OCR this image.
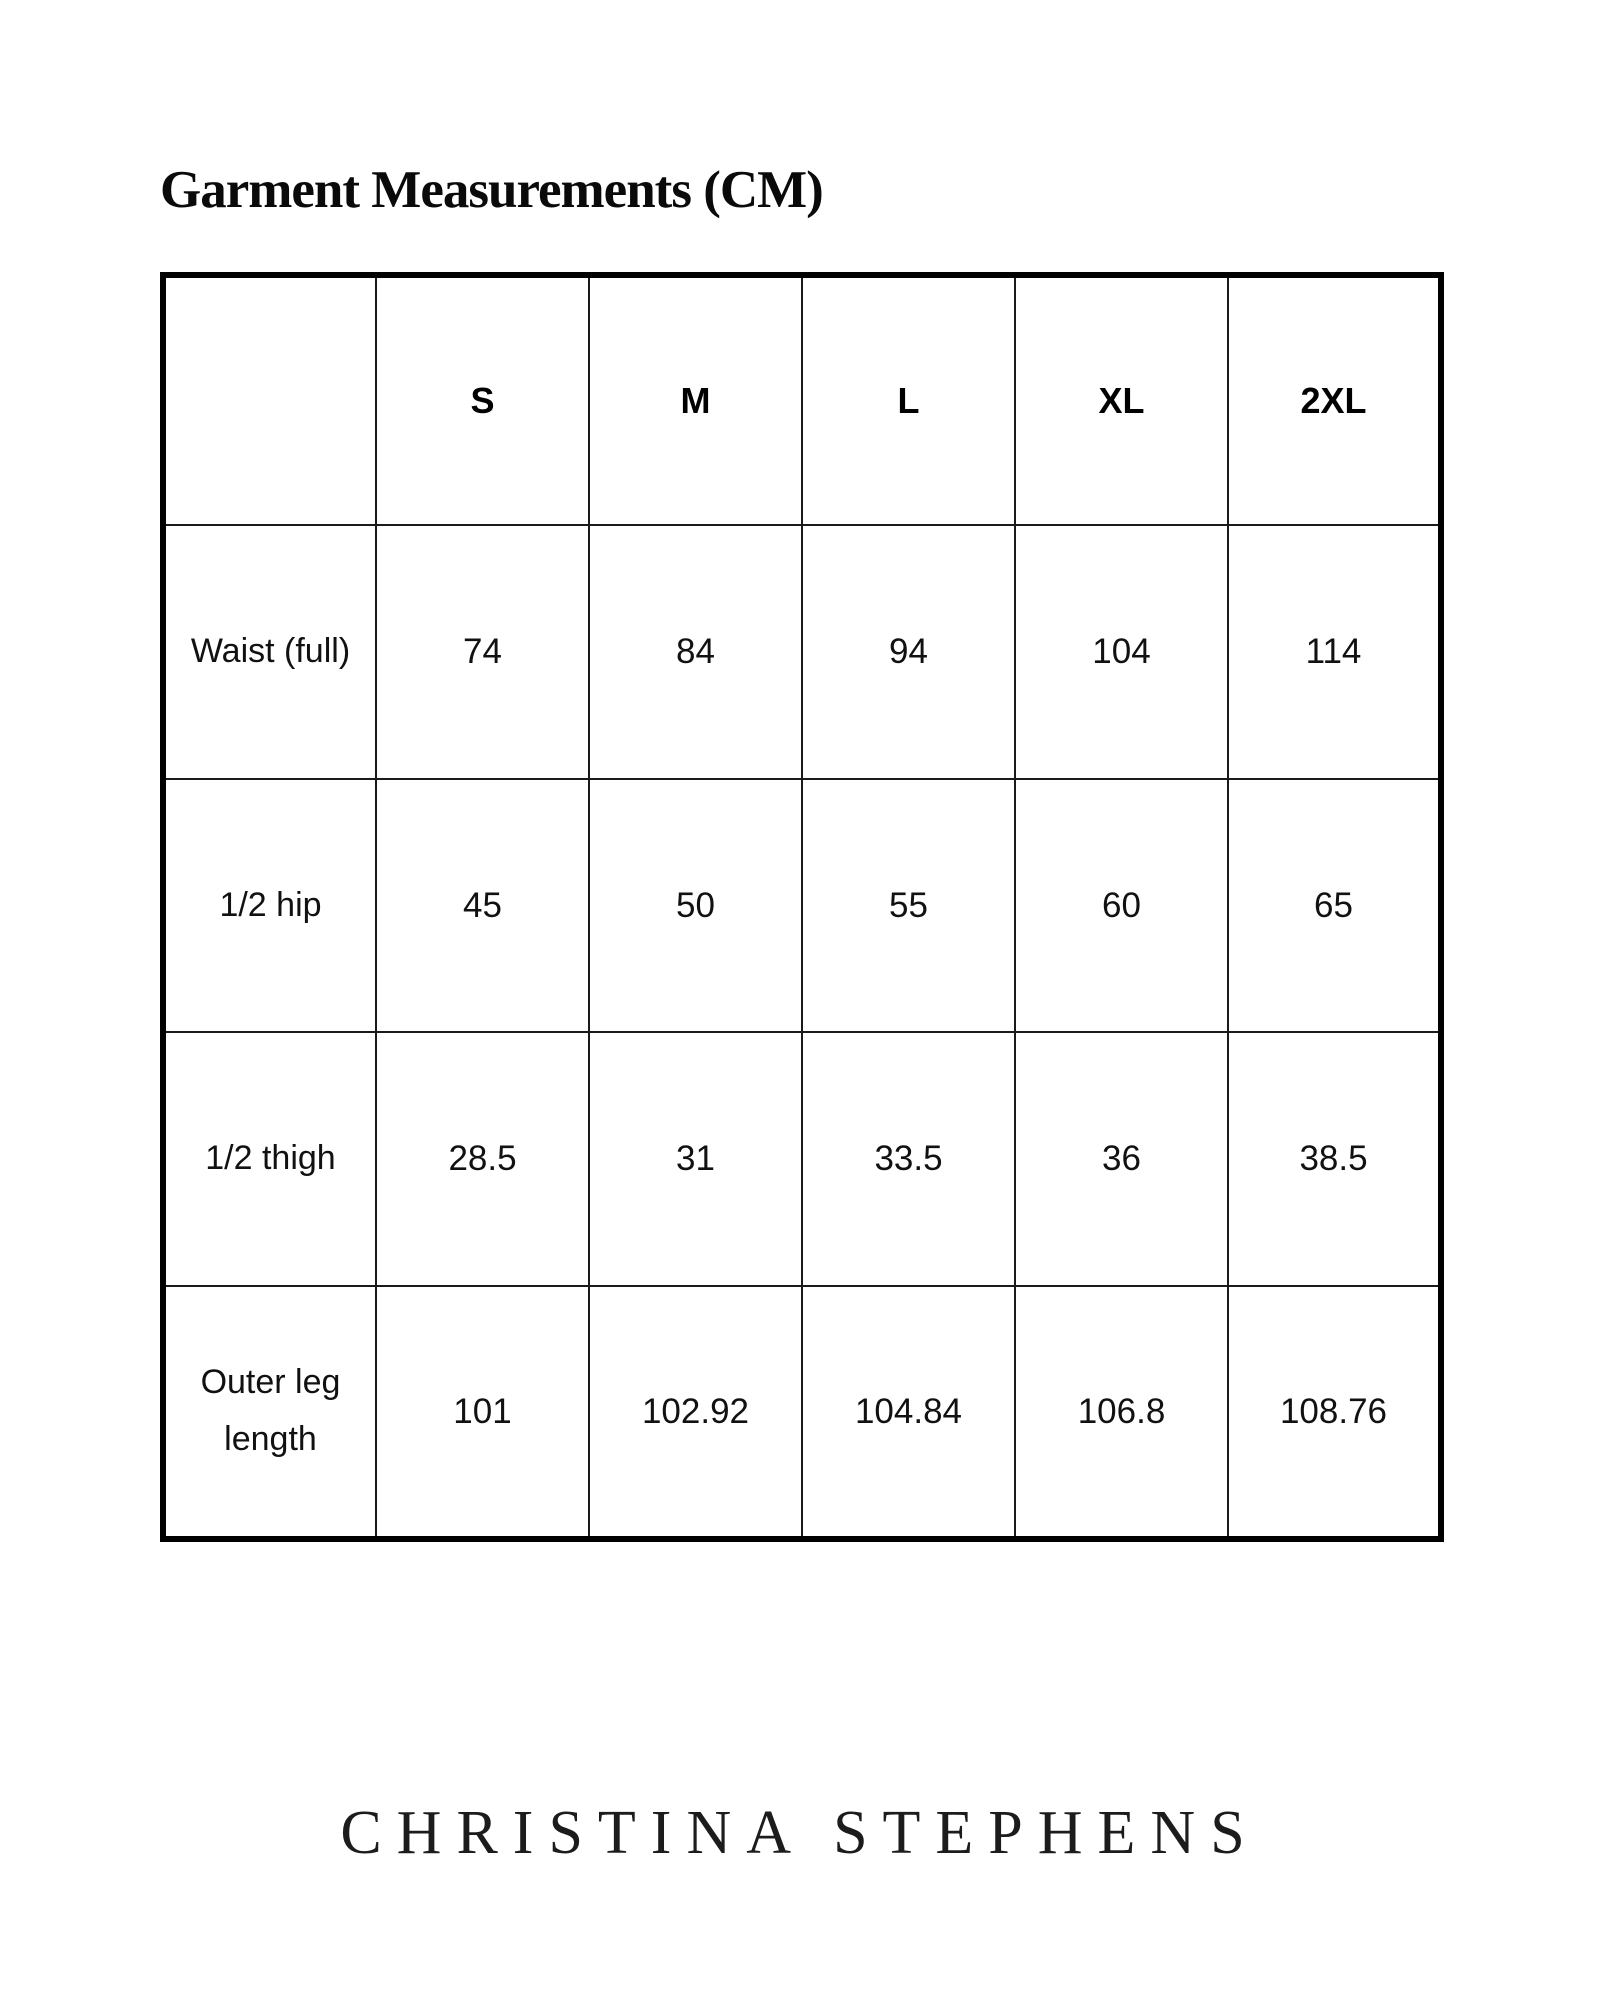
Garment Measurements (CM)
	S	M	L	XL	2XL
Waist (full)	74	84	94	104	114
1/2 hip	45	50	55	60	65
1/2 thigh	28.5	31	33.5	36	38.5
Outer leg length	101	102.92	104.84	106.8	108.76
CHRISTINA STEPHENS
